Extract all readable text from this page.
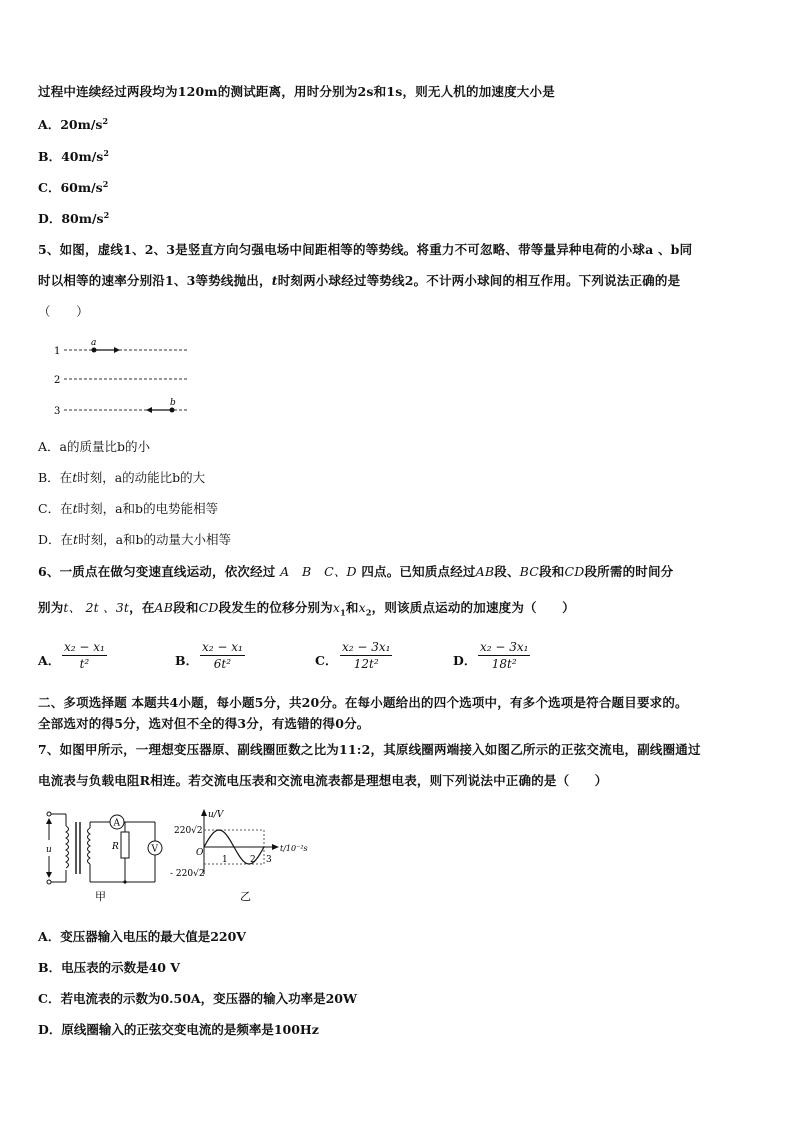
过程中连续经过两段均为120m的测试距离，用时分别为2s和1s，则无人机的加速度大小是
A．$20m/s^2$
B．$40m/s^2$
C．$60m/s^2$
D．$80m/s^2$
5、如图，虚线1、2、3是竖直方向匀强电场中间距相等的等势线。将重力不可忽略、带等量异种电荷的小球a 、b同
时以相等的速率分别沿1、3等势线抛出，t时刻两小球经过等势线2。不计两小球间的相互作用。下列说法正确的是
（　　）
1
a
2
3
b
A．a的质量比b的小
B．在t时刻，a的动能比b的大
C．在t时刻，a和b的电势能相等
D．在t时刻，a和b的动量大小相等
6、一质点在做匀变速直线运动，依次经过 A　B　C、D 四点。已知质点经过AB段、BC段和CD段所需的时间分
别为t、 2t 、3t，在AB段和CD段发生的位移分别为$x_1$和$x_2$，则该质点运动的加速度为（　　）
A． $\frac{\text{x₂ − x₁}}{\text{t²}}$	B． $\frac{\text{x₂ − x₁}}{\text{6t²}}$	C． $\frac{\text{x₂ − 3x₁}}{\text{12t²}}$	D． $\frac{\text{x₂ − 3x₁}}{\text{18t²}}$
二、多项选择题 本题共4小题，每小题5分，共20分。在每小题给出的四个选项中，有多个选项是符合题目要求的。
全部选对的得5分，选对但不全的得3分，有选错的得0分。
7、如图甲所示，一理想变压器原、副线圈匝数之比为11:2，其原线圈两端接入如图乙所示的正弦交流电，副线圈通过
电流表与负载电阻R相连。若交流电压表和交流电流表都是理想电表，则下列说法中正确的是（　　）
u
A
R	V
甲
u/V
t/10⁻²s
O
220√2
- 220√2
1 2 3
乙
A．变压器输入电压的最大值是220V
B．电压表的示数是40 V
C．若电流表的示数为0.50A，变压器的输入功率是20W
D．原线圈输入的正弦交变电流的是频率是100Hz
